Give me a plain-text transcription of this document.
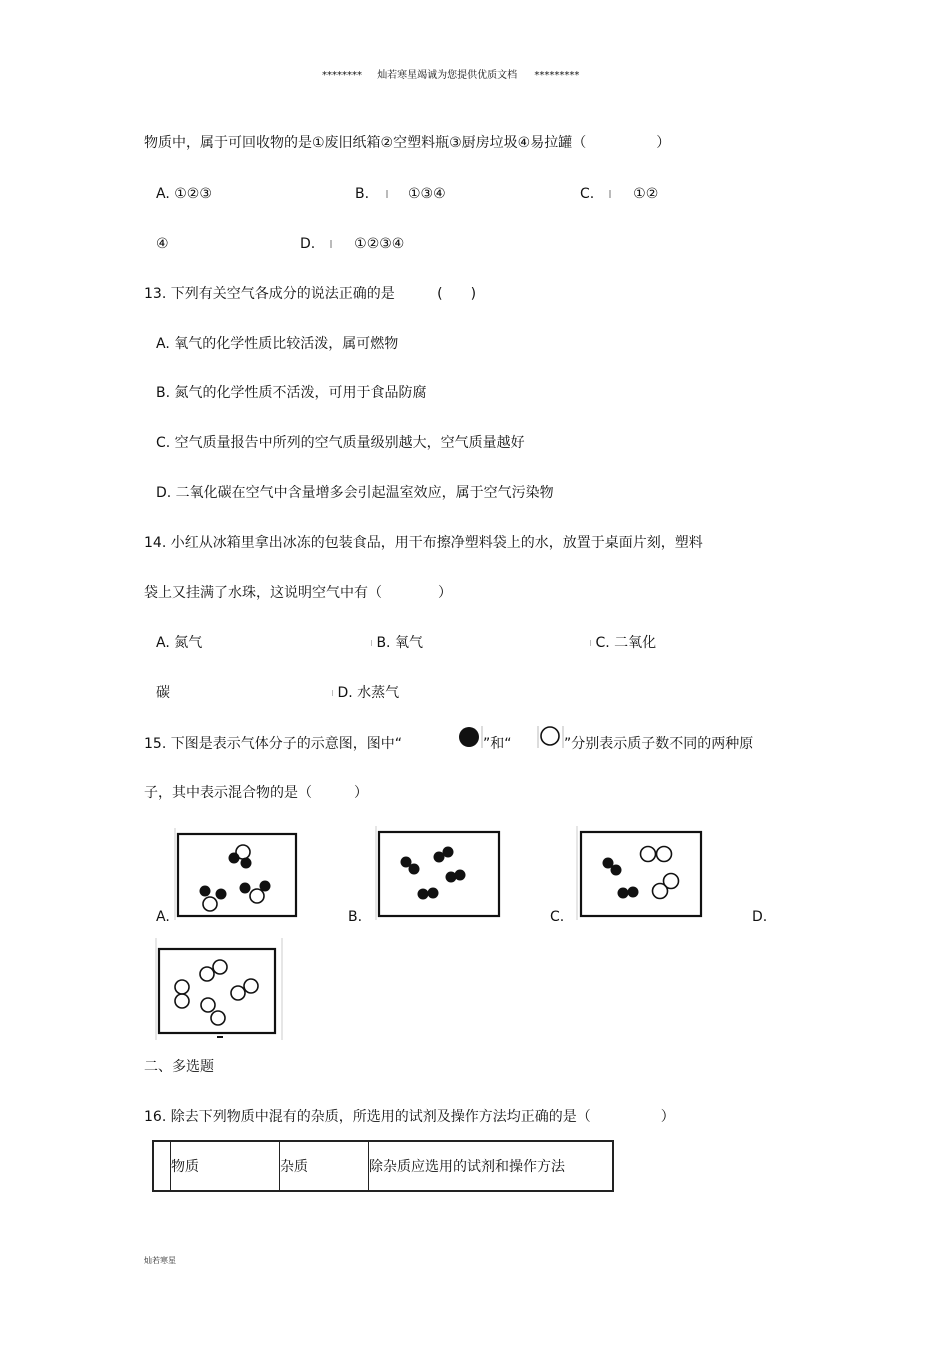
******** 灿若寒星竭诚为您提供优质文档 *********
物质中，属于可回收物的是①废旧纸箱②空塑料瓶③厨房垃圾④易拉罐（　　　　　）
A. ①②③	B.	①③④	C.	①②
④	D.	①②③④
13. 下列有关空气各成分的说法正确的是	(　　)
A. 氧气的化学性质比较活泼，属可燃物
B. 氮气的化学性质不活泼，可用于食品防腐
C. 空气质量报告中所列的空气质量级别越大，空气质量越好
D. 二氧化碳在空气中含量增多会引起温室效应，属于空气污染物
14. 小红从冰箱里拿出冰冻的包装食品，用干布擦净塑料袋上的水，放置于桌面片刻，塑料
袋上又挂满了水珠，这说明空气中有（　　　　）
A. 氮气	B. 氧气	C. 二氧化
碳	D. 水蒸气
15. 下图是表示气体分子的示意图，图中“	”和“	”分别表示质子数不同的两种原
子，其中表示混合物的是（　　　）
A.	B.	C.	D.
二、多选题
16. 除去下列物质中混有的杂质，所选用的试剂及操作方法均正确的是（　　　　　）
	物质	杂质	除杂质应选用的试剂和操作方法
灿若寒星
